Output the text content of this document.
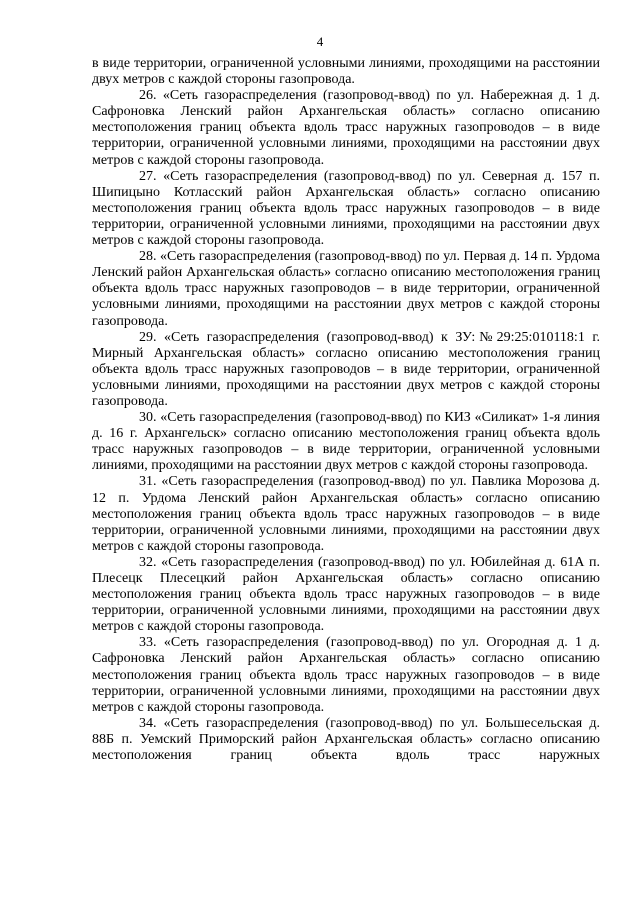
4

в виде территории, ограниченной условными линиями, проходящими на расстоянии двух метров с каждой стороны газопровода.

26. «Сеть газораспределения (газопровод-ввод) по ул. Набережная д. 1 д. Сафроновка Ленский район Архангельская область» согласно описанию местоположения границ объекта вдоль трасс наружных газопроводов – в виде территории, ограниченной условными линиями, проходящими на расстоянии двух метров с каждой стороны газопровода.

27. «Сеть газораспределения (газопровод-ввод) по ул. Северная д. 157 п. Шипицыно Котласский район Архангельская область» согласно описанию местоположения границ объекта вдоль трасс наружных газопроводов – в виде территории, ограниченной условными линиями, проходящими на расстоянии двух метров с каждой стороны газопровода.

28. «Сеть газораспределения (газопровод-ввод) по ул. Первая д. 14 п. Урдома Ленский район Архангельская область» согласно описанию местоположения границ объекта вдоль трасс наружных газопроводов – в виде территории, ограниченной условными линиями, проходящими на расстоянии двух метров с каждой стороны газопровода.

29. «Сеть газораспределения (газопровод-ввод) к ЗУ:№29:25:010118:1 г. Мирный Архангельская область» согласно описанию местоположения границ объекта вдоль трасс наружных газопроводов – в виде территории, ограниченной условными линиями, проходящими на расстоянии двух метров с каждой стороны газопровода.

30. «Сеть газораспределения (газопровод-ввод) по КИЗ «Силикат» 1-я линия д. 16 г. Архангельск» согласно описанию местоположения границ объекта вдоль трасс наружных газопроводов – в виде территории, ограниченной условными линиями, проходящими на расстоянии двух метров с каждой стороны газопровода.

31. «Сеть газораспределения (газопровод-ввод) по ул. Павлика Морозова д. 12 п. Урдома Ленский район Архангельская область» согласно описанию местоположения границ объекта вдоль трасс наружных газопроводов – в виде территории, ограниченной условными линиями, проходящими на расстоянии двух метров с каждой стороны газопровода.

32. «Сеть газораспределения (газопровод-ввод) по ул. Юбилейная д. 61А п. Плесецк Плесецкий район Архангельская область» согласно описанию местоположения границ объекта вдоль трасс наружных газопроводов – в виде территории, ограниченной условными линиями, проходящими на расстоянии двух метров с каждой стороны газопровода.

33. «Сеть газораспределения (газопровод-ввод) по ул. Огородная д. 1 д. Сафроновка Ленский район Архангельская область» согласно описанию местоположения границ объекта вдоль трасс наружных газопроводов – в виде территории, ограниченной условными линиями, проходящими на расстоянии двух метров с каждой стороны газопровода.

34. «Сеть газораспределения (газопровод-ввод) по ул. Большесельская д. 88Б п. Уемский Приморский район Архангельская область» согласно описанию местоположения границ объекта вдоль трасс наружных
